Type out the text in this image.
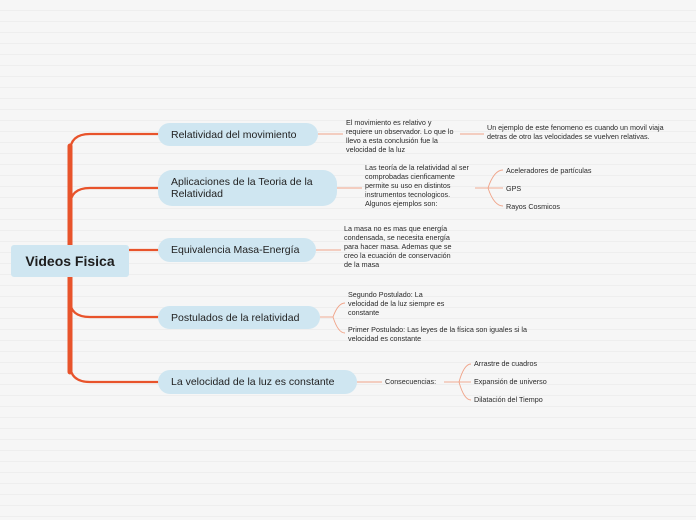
Videos Fisica
Relatividad del movimiento
El movimiento es relativo y requiere un observador. Lo que lo llevo a esta conclusión fue la velocidad de la luz
Un ejemplo de este fenomeno es cuando un movil viaja detras de otro las velocidades se vuelven relativas.
Aplicaciones de la Teoria de la Relatividad
Las teoría de la relatividad al ser comprobadas cienficamente permite su uso en distintos instrumentos tecnologicos. Algunos ejemplos son:
Aceleradores de partículas
GPS
Rayos Cosmicos
Equivalencia Masa-Energía
La masa no es mas que energía condensada, se necesita energía para hacer masa. Ademas que se creo la ecuación de conservación de la masa
Postulados de la relatividad
Segundo Postulado: La velocidad de la luz siempre es constante
Primer Postulado: Las leyes de la física son iguales si la velocidad es constante
La velocidad de la luz es constante	Consecuencias:
Arrastre de cuadros
Expansión de universo
Dilatación del Tiempo
